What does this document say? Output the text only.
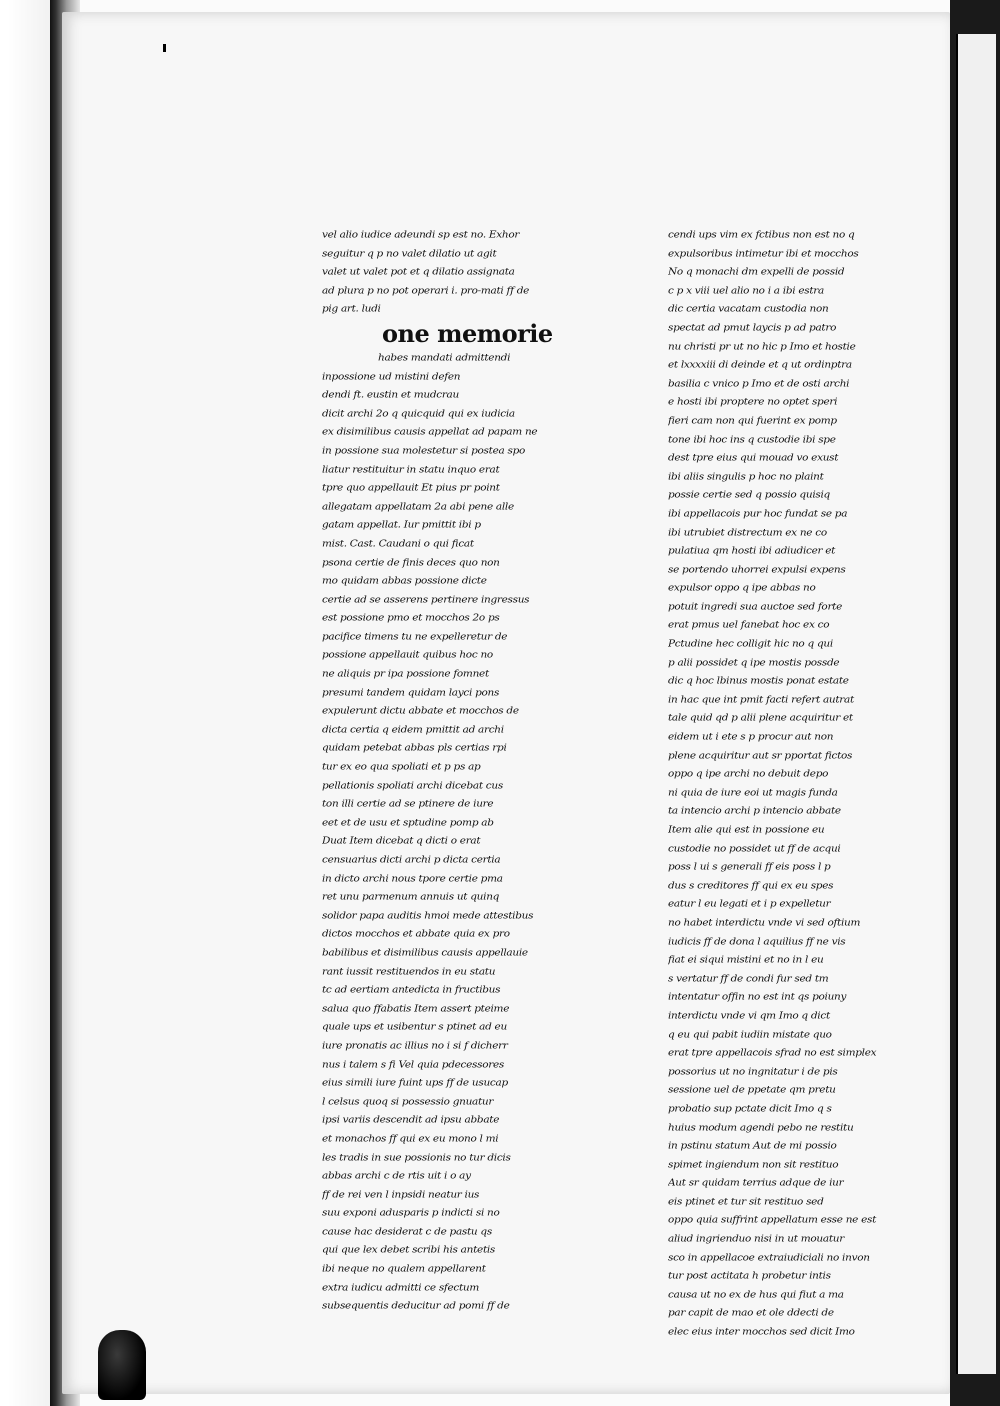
vel alio iudice adeundi sp est no. Exhor
seguitur q p no valet dilatio ut agit
valet ut valet pot et q dilatio assignata
ad plura p no pot operari i. pro-mati ff de
pig art. ludi
one memorie
habes mandati admittendi
inpossione ud mistini defen
dendi ft. eustin et mudcrau
dicit archi 2o q quicquid qui ex iudicia
ex disimilibus causis appellat ad papam ne
in possione sua molestetur si postea spo
liatur restituitur in statu inquo erat
tpre quo appellauit Et pius pr point
allegatam appellatam 2a abi pene alle
gatam appellat. Iur pmittit ibi p
mist. Cast. Caudani o qui ficat
psona certie de finis deces quo non
mo quidam abbas possione dicte
certie ad se asserens pertinere ingressus
est possione pmo et mocchos 2o ps
pacifice timens tu ne expelleretur de
possione appellauit quibus hoc no
ne aliquis pr ipa possione fomnet
presumi tandem quidam layci pons
expulerunt dictu abbate et mocchos de
dicta certia q eidem pmittit ad archi
quidam petebat abbas pls certias rpi
tur ex eo qua spoliati et p ps ap
pellationis spoliati archi dicebat cus
ton illi certie ad se ptinere de iure
eet et de usu et sptudine pomp ab
Duat Item dicebat q dicti o erat
censuarius dicti archi p dicta certia
in dicto archi nous tpore certie pma
ret unu parmenum annuis ut quinq
solidor papa auditis hmoi mede attestibus
dictos mocchos et abbate quia ex pro
babilibus et disimilibus causis appellauie
rant iussit restituendos in eu statu
tc ad eertiam antedicta in fructibus
salua quo ffabatis Item assert pteime
quale ups et usibentur s ptinet ad eu
iure pronatis ac illius no i si f dicherr
nus i talem s fi Vel quia pdecessores
eius simili iure fuint ups ff de usucap
l celsus quoq si possessio gnuatur
ipsi variis descendit ad ipsu abbate
et monachos ff qui ex eu mono l mi
les tradis in sue possionis no tur dicis
abbas archi c de rtis uit i o ay
ff de rei ven l inpsidi neatur ius
suu exponi adusparis p indicti si no
cause hac desiderat c de pastu qs
qui que lex debet scribi his antetis
ibi neque no qualem appellarent
extra iudicu admitti ce sfectum
subsequentis deducitur ad pomi ff de
cendi ups vim ex fctibus non est no q
expulsoribus intimetur ibi et mocchos
No q monachi dm expelli de possid
c p x viii uel alio no i a ibi estra
dic certia vacatam custodia non
spectat ad pmut laycis p ad patro
nu christi pr ut no hic p Imo et hostie
et lxxxxiii di deinde et q ut ordinptra
basilia c vnico p Imo et de osti archi
e hosti ibi proptere no optet speri
fieri cam non qui fuerint ex pomp
tone ibi hoc ins q custodie ibi spe
dest tpre eius qui mouad vo exust
ibi aliis singulis p hoc no plaint
possie certie sed q possio quisiq
ibi appellacois pur hoc fundat se pa
ibi utrubiet distrectum ex ne co
pulatiua qm hosti ibi adiudicer et
se portendo uhorrei expulsi expens
expulsor oppo q ipe abbas no
potuit ingredi sua auctoe sed forte
erat pmus uel fanebat hoc ex co
Pctudine hec colligit hic no q qui
p alii possidet q ipe mostis possde
dic q hoc lbinus mostis ponat estate
in hac que int pmit facti refert autrat
tale quid qd p alii plene acquiritur et
eidem ut i ete s p procur aut non
plene acquiritur aut sr pportat fictos
oppo q ipe archi no debuit depo
ni quia de iure eoi ut magis funda
ta intencio archi p intencio abbate
Item alie qui est in possione eu
custodie no possidet ut ff de acqui
poss l ui s generali ff eis poss l p
dus s creditores ff qui ex eu spes
eatur l eu legati et i p expelletur
no habet interdictu vnde vi sed oftium
iudicis ff de dona l aquilius ff ne vis
fiat ei siqui mistini et no in l eu
s vertatur ff de condi fur sed tm
intentatur offin no est int qs poiuny
interdictu vnde vi qm Imo q dict
q eu qui pabit iudiin mistate quo
erat tpre appellacois sfrad no est simplex
possorius ut no ingnitatur i de pis
sessione uel de ppetate qm pretu
probatio sup pctate dicit Imo q s
huius modum agendi pebo ne restitu
in pstinu statum Aut de mi possio
spimet ingiendum non sit restituo
Aut sr quidam terrius adque de iur
eis ptinet et tur sit restituo sed
oppo quia suffrint appellatum esse ne est
aliud ingrienduo nisi in ut mouatur
sco in appellacoe extraiudiciali no invon
tur post actitata h probetur intis
causa ut no ex de hus qui fiut a ma
par capit de mao et ole ddecti de
elec eius inter mocchos sed dicit Imo
